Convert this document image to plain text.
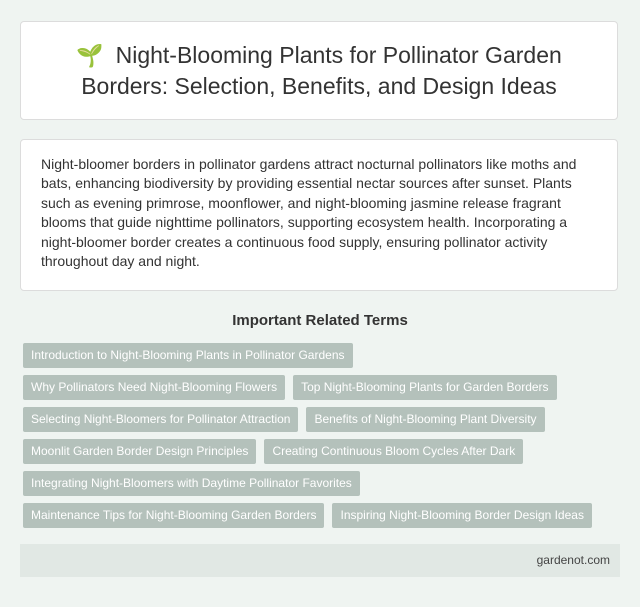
🌱 Night-Blooming Plants for Pollinator Garden Borders: Selection, Benefits, and Design Ideas

Night-bloomer borders in pollinator gardens attract nocturnal pollinators like moths and bats, enhancing biodiversity by providing essential nectar sources after sunset. Plants such as evening primrose, moonflower, and night-blooming jasmine release fragrant blooms that guide nighttime pollinators, supporting ecosystem health. Incorporating a night-bloomer border creates a continuous food supply, ensuring pollinator activity throughout day and night.

Important Related Terms
Introduction to Night-Blooming Plants in Pollinator Gardens
Why Pollinators Need Night-Blooming Flowers	Top Night-Blooming Plants for Garden Borders
Selecting Night-Bloomers for Pollinator Attraction	Benefits of Night-Blooming Plant Diversity
Moonlit Garden Border Design Principles	Creating Continuous Bloom Cycles After Dark
Integrating Night-Bloomers with Daytime Pollinator Favorites
Maintenance Tips for Night-Blooming Garden Borders	Inspiring Night-Blooming Border Design Ideas
gardenot.com
